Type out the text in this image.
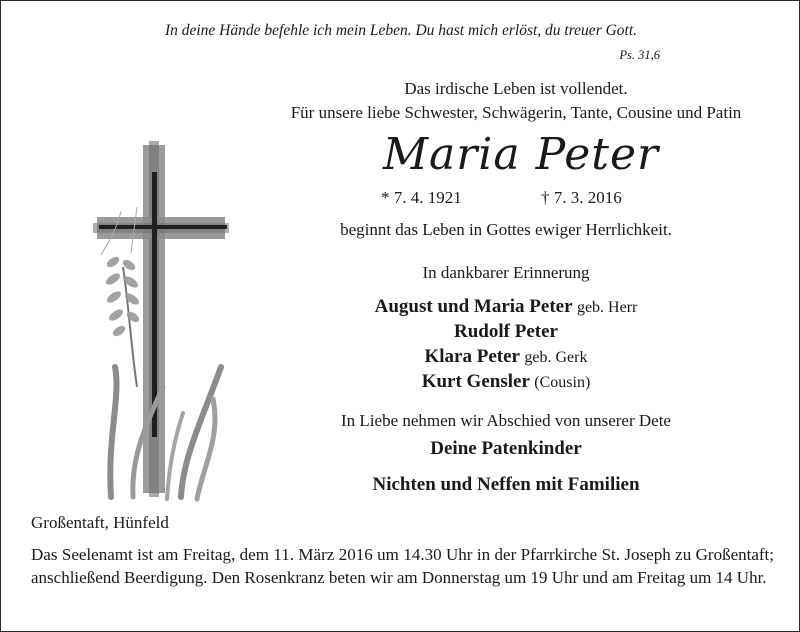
In deine Hände befehle ich mein Leben. Du hast mich erlöst, du treuer Gott.
Ps. 31,6
Das irdische Leben ist vollendet.
Für unsere liebe Schwester, Schwägerin, Tante, Cousine und Patin
Maria Peter
* 7. 4. 1921	† 7. 3. 2016
beginnt das Leben in Gottes ewiger Herrlichkeit.
In dankbarer Erinnerung
August und Maria Peter geb. Herr
Rudolf Peter
Klara Peter geb. Gerk
Kurt Gensler (Cousin)
In Liebe nehmen wir Abschied von unserer Dete
Deine Patenkinder
Nichten und Neffen mit Familien
Großentaft, Hünfeld
Das Seelenamt ist am Freitag, dem 11. März 2016 um 14.30 Uhr in der Pfarrkirche St. Joseph zu Großentaft; anschließend Beerdigung. Den Rosenkranz beten wir am Donnerstag um 19 Uhr und am Freitag um 14 Uhr.
